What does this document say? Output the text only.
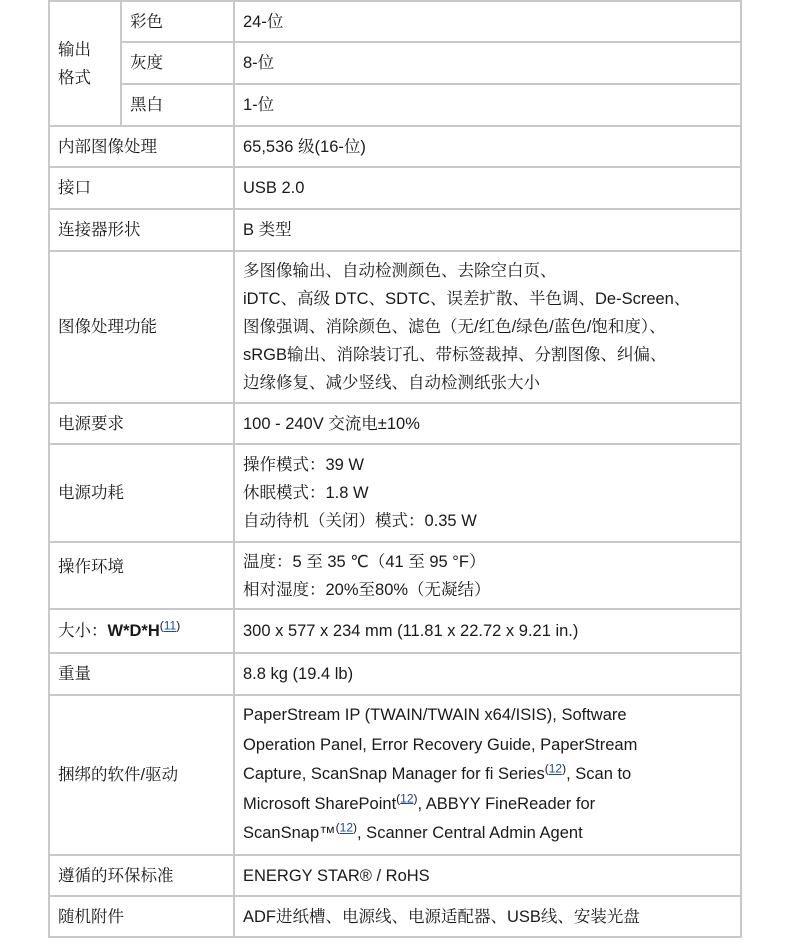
输出格式	彩色	24-位
	灰度	8-位
	黑白	1-位
内部图像处理		65,536 级(16-位)
接口		USB 2.0
连接器形状		B 类型
图像处理功能		多图像输出、自动检测颜色、去除空白页、
iDTC、高级 DTC、SDTC、误差扩散、半色调、De-Screen、
图像强调、消除颜色、滤色（无/红色/绿色/蓝色/饱和度）、
sRGB输出、消除装订孔、带标签裁掉、分割图像、纠偏、
边缘修复、减少竖线、自动检测纸张大小

电源要求		100 - 240V 交流电±10%
电源功耗		操作模式：39 W
休眠模式：1.8 W
自动待机（关闭）模式：0.35 W

操作环境		温度：5 至 35 ℃（41 至 95 °F）
相对湿度：20%至80%（无凝结）

大小：$W*D*H^{(11)}$		300 x 577 x 234 mm (11.81 x 22.72 x 9.21 in.)
重量		8.8 kg (19.4 lb)
捆绑的软件/驱动		PaperStream IP (TWAIN/TWAIN x64/ISIS), Software
Operation Panel, Error Recovery Guide, PaperStream
Capture, ScanSnap Manager for fi Series$^{(12)}$, Scan to
Microsoft SharePoint$^{(12)}$, ABBYY FineReader for
ScanSnap™$^{(12)}$, Scanner Central Admin Agent

遵循的环保标准		ENERGY STAR® / RoHS
随机附件		ADF进纸槽、电源线、电源适配器、USB线、安装光盘
